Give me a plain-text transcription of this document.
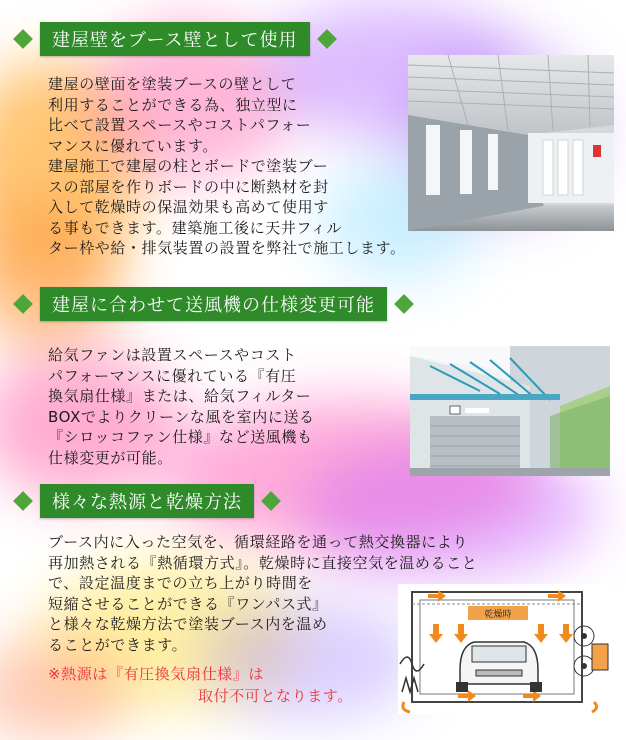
建屋壁をブース壁として使用
建屋の壁面を塗装ブースの壁として
利用することができる為、独立型に
比べて設置スペースやコストパフォー
マンスに優れています。
建屋施工で建屋の柱とボードで塗装ブー
スの部屋を作りボードの中に断熱材を封
入して乾燥時の保温効果も高めて使用す
る事もできます。建築施工後に天井フィル
ター枠や給・排気装置の設置を弊社で施工します。
建屋に合わせて送風機の仕様変更可能
給気ファンは設置スペースやコスト
パフォーマンスに優れている『有圧
換気扇仕様』または、給気フィルター
BOXでよりクリーンな風を室内に送る
『シロッコファン仕様』など送風機も
仕様変更が可能。
様々な熱源と乾燥方法
ブース内に入った空気を、循環経路を通って熱交換器により
再加熱される『熱循環方式』。乾燥時に直接空気を温めること
で、設定温度までの立ち上がり時間を
短縮させることができる『ワンパス式』
と様々な乾燥方法で塗装ブース内を温め
ることができます。
※熱源は『有圧換気扇仕様』は
取付不可となります。
乾燥時
